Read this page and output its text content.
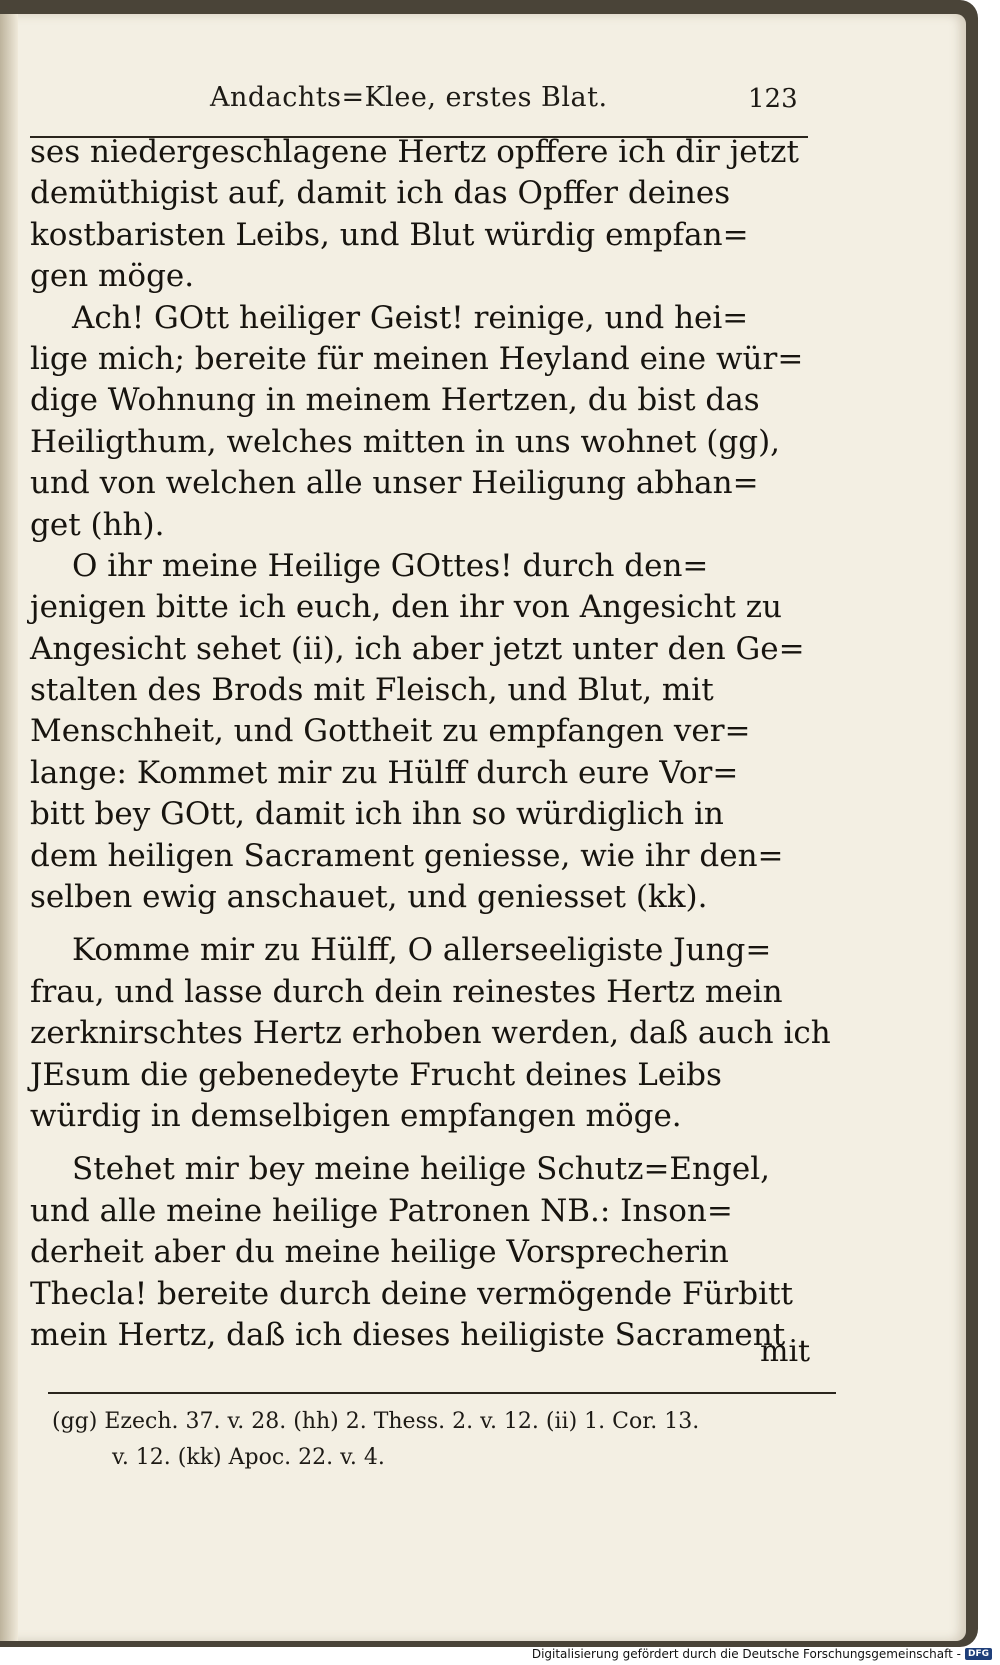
Andachts=Klee, erstes Blat.	123
ses niedergeschlagene Hertz opffere ich dir jetzt
demüthigist auf, damit ich das Opffer deines
kostbaristen Leibs, und Blut würdig empfan=
gen möge.
Ach! GOtt heiliger Geist! reinige, und hei=
lige mich; bereite für meinen Heyland eine wür=
dige Wohnung in meinem Hertzen, du bist das
Heiligthum, welches mitten in uns wohnet (gg),
und von welchen alle unser Heiligung abhan=
get (hh).
O ihr meine Heilige GOttes! durch den=
jenigen bitte ich euch, den ihr von Angesicht zu
Angesicht sehet (ii), ich aber jetzt unter den Ge=
stalten des Brods mit Fleisch, und Blut, mit
Menschheit, und Gottheit zu empfangen ver=
lange: Kommet mir zu Hülff durch eure Vor=
bitt bey GOtt, damit ich ihn so würdiglich in
dem heiligen Sacrament geniesse, wie ihr den=
selben ewig anschauet, und geniesset (kk).
Komme mir zu Hülff, O allerseeligiste Jung=
frau, und lasse durch dein reinestes Hertz mein
zerknirschtes Hertz erhoben werden, daß auch ich
JEsum die gebenedeyte Frucht deines Leibs
würdig in demselbigen empfangen möge.
Stehet mir bey meine heilige Schutz=Engel,
und alle meine heilige Patronen NB.: Inson=
derheit aber du meine heilige Vorsprecherin
Thecla! bereite durch deine vermögende Fürbitt
mein Hertz, daß ich dieses heiligiste Sacrament
mit
(gg) Ezech. 37. v. 28. (hh) 2. Thess. 2. v. 12. (ii) 1. Cor. 13.
v. 12. (kk) Apoc. 22. v. 4.
Digitalisierung gefördert durch die Deutsche Forschungsgemeinschaft - DFG
